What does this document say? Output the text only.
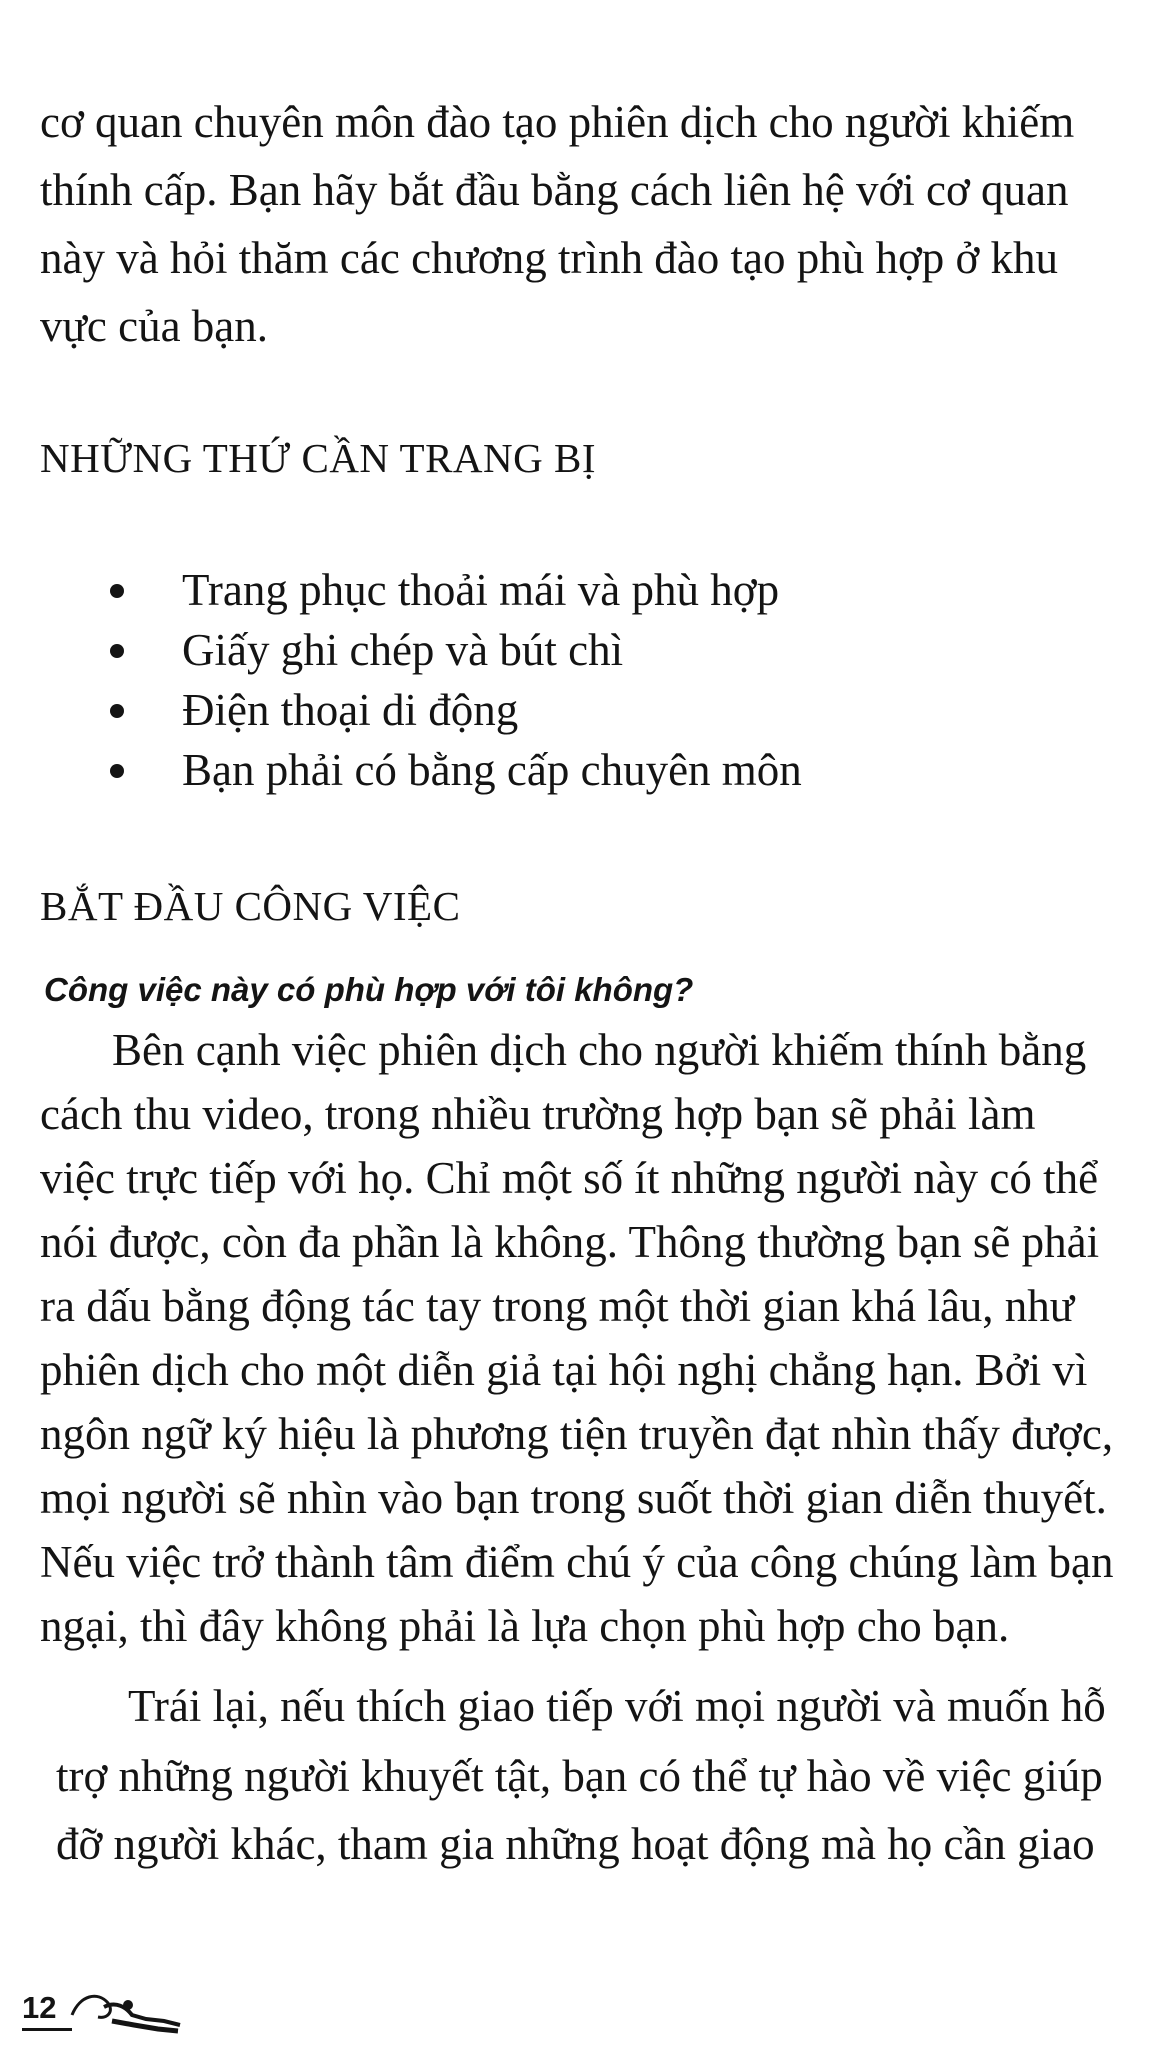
cơ quan chuyên môn đào tạo phiên dịch cho người khiếm
thính cấp. Bạn hãy bắt đầu bằng cách liên hệ với cơ quan
này và hỏi thăm các chương trình đào tạo phù hợp ở khu
vực của bạn.
NHỮNG THỨ CẦN TRANG BỊ
Trang phục thoải mái và phù hợp
Giấy ghi chép và bút chì
Điện thoại di động
Bạn phải có bằng cấp chuyên môn
BẮT ĐẦU CÔNG VIỆC
Công việc này có phù hợp với tôi không?
Bên cạnh việc phiên dịch cho người khiếm thính bằng
cách thu video, trong nhiều trường hợp bạn sẽ phải làm
việc trực tiếp với họ. Chỉ một số ít những người này có thể
nói được, còn đa phần là không. Thông thường bạn sẽ phải
ra dấu bằng động tác tay trong một thời gian khá lâu, như
phiên dịch cho một diễn giả tại hội nghị chẳng hạn. Bởi vì
ngôn ngữ ký hiệu là phương tiện truyền đạt nhìn thấy được,
mọi người sẽ nhìn vào bạn trong suốt thời gian diễn thuyết.
Nếu việc trở thành tâm điểm chú ý của công chúng làm bạn
ngại, thì đây không phải là lựa chọn phù hợp cho bạn.
Trái lại, nếu thích giao tiếp với mọi người và muốn hỗ
trợ những người khuyết tật, bạn có thể tự hào về việc giúp
đỡ người khác, tham gia những hoạt động mà họ cần giao
12
